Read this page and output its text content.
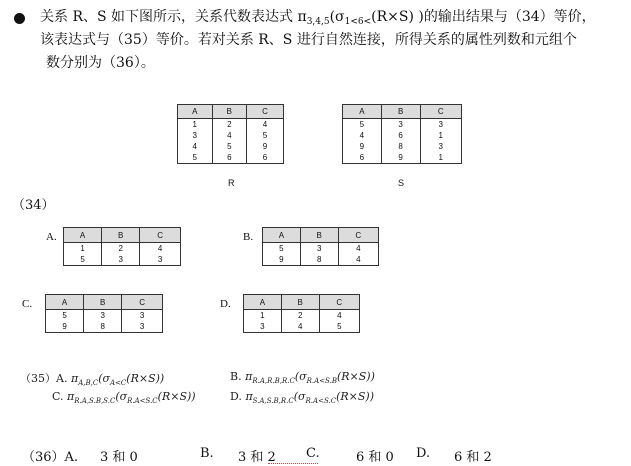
关系 R、S 如下图所示，关系代数表达式 $\pi_{3,4,5}(\sigma_{1<6<}(R\times S)$ )的输出结果与（34）等价，
该表达式与（35）等价。若对关系 R、S 进行自然连接，所得关系的属性列数和元组个
数分别为（36）。
A	B	C
1	2	4
3	4	5
4	5	9
5	6	6
R
A	B	C
5	3	3
4	6	1
9	8	3
6	9	1
S
（34）
A.	A	B	C
1	2	4
5	3	3
B.	A	B	C
5	3	4
9	8	4
C.	A	B	C
5	3	3
9	8	3
D.	A	B	C
1	2	4
3	4	5
（35）A. $\pi_{A,B,C}(\sigma_{A<C}(R\times S))$	B. $\pi_{R.A,R.B,R.C}(\sigma_{R.A<S.B}(R\times S))$
C. $\pi_{R.A,S.B,S.C}(\sigma_{R.A<S.C}(R\times S))$	D. $\pi_{S.A,S.B,R.C}(\sigma_{R.A<S.C}(R\times S))$
（36）A. 3 和 0	B. 3 和 2 C.	6 和 0 D. 6 和 2
